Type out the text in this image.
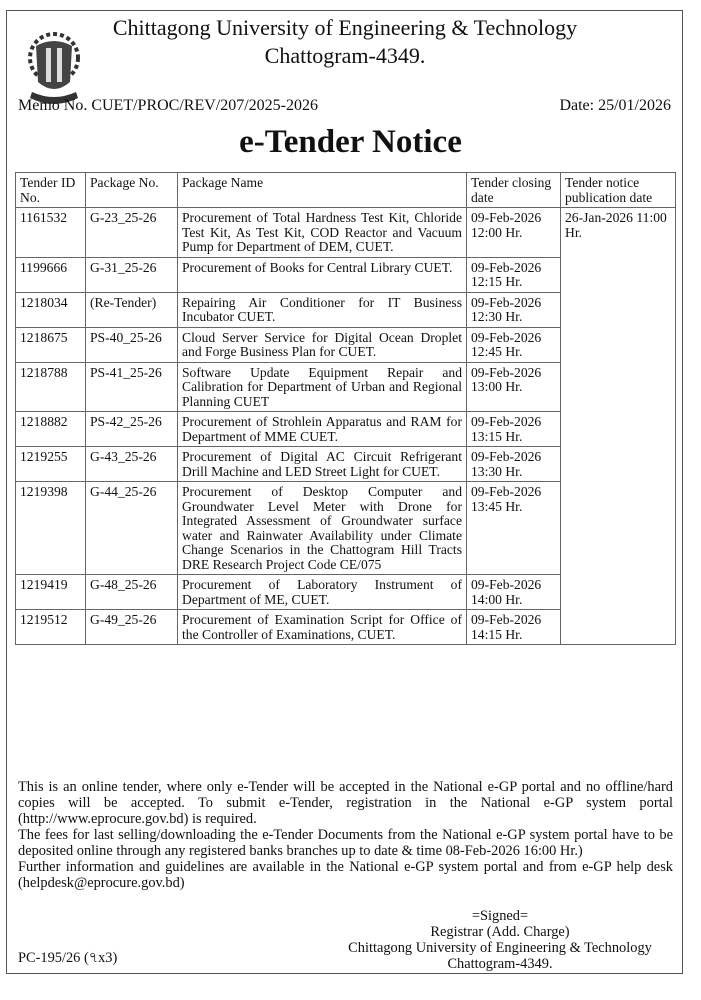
Chittagong University of Engineering & Technology
Chattogram-4349.
Memo No. CUET/PROC/REV/207/2025-2026	Date: 25/01/2026
e-Tender Notice
Tender ID No.	Package No.	Package Name	Tender closing date	Tender notice publication date
1161532	G-23_25-26	Procurement of Total Hardness Test Kit, Chloride Test Kit, As Test Kit, COD Reactor and Vacuum Pump for Department of DEM, CUET.	09-Feb-2026 12:00 Hr.	26-Jan-2026 11:00 Hr.
1199666	G-31_25-26	Procurement of Books for Central Library CUET.	09-Feb-2026 12:15 Hr.	
1218034	(Re-Tender)	Repairing Air Conditioner for IT Business Incubator CUET.	09-Feb-2026 12:30 Hr.	
1218675	PS-40_25-26	Cloud Server Service for Digital Ocean Droplet and Forge Business Plan for CUET.	09-Feb-2026 12:45 Hr.	
1218788	PS-41_25-26	Software Update Equipment Repair and Calibration for Department of Urban and Regional Planning CUET	09-Feb-2026 13:00 Hr.	
1218882	PS-42_25-26	Procurement of Strohlein Apparatus and RAM for Department of MME CUET.	09-Feb-2026 13:15 Hr.	
1219255	G-43_25-26	Procurement of Digital AC Circuit Refrigerant Drill Machine and LED Street Light for CUET.	09-Feb-2026 13:30 Hr.	
1219398	G-44_25-26	Procurement of Desktop Computer and Groundwater Level Meter with Drone for Integrated Assessment of Groundwater surface water and Rainwater Availability under Climate Change Scenarios in the Chattogram Hill Tracts DRE Research Project Code CE/075	09-Feb-2026 13:45 Hr.	
1219419	G-48_25-26	Procurement of Laboratory Instrument of Department of ME, CUET.	09-Feb-2026 14:00 Hr.	
1219512	G-49_25-26	Procurement of Examination Script for Office of the Controller of Examinations, CUET.	09-Feb-2026 14:15 Hr.	
This is an online tender, where only e-Tender will be accepted in the National e-GP portal and no offline/hard copies will be accepted. To submit e-Tender, registration in the National e-GP system portal (http://www.eprocure.gov.bd) is required.
The fees for last selling/downloading the e-Tender Documents from the National e-GP system portal have to be deposited online through any registered banks branches up to date & time 08-Feb-2026 16:00 Hr.)
Further information and guidelines are available in the National e-GP system portal and from e-GP help desk (helpdesk@eprocure.gov.bd)
=Signed=
Registrar (Add. Charge)
Chittagong University of Engineering & Technology
Chattogram-4349.
PC-195/26 (৭x3)
